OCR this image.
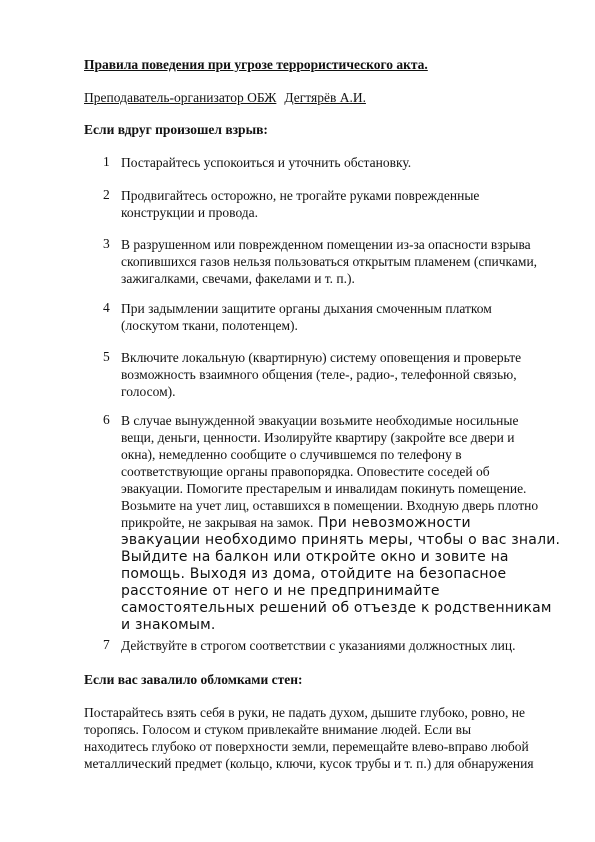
Правила поведения при угрозе террористического акта.
Преподаватель-организатор ОБЖ Дегтярёв А.И.
Если вдруг произошел взрыв:
1 Постарайтесь успокоиться и уточнить обстановку.
2 Продвигайтесь осторожно, не трогайте руками поврежденные
конструкции и провода.
3 В разрушенном или поврежденном помещении из-за опасности взрыва
скопившихся газов нельзя пользоваться открытым пламенем (спичками,
зажигалками, свечами, факелами и т. п.).
4 При задымлении защитите органы дыхания смоченным платком
(лоскутом ткани, полотенцем).
5 Включите локальную (квартирную) систему оповещения и проверьте
возможность взаимного общения (теле-, радио-, телефонной связью,
голосом).
6 В случае вынужденной эвакуации возьмите необходимые носильные
вещи, деньги, ценности. Изолируйте квартиру (закройте все двери и
окна), немедленно сообщите о случившемся по телефону в
соответствующие органы правопорядка. Оповестите соседей об
эвакуации. Помогите престарелым и инвалидам покинуть помещение.
Возьмите на учет лиц, оставшихся в помещении. Входную дверь плотно
прикройте, не закрывая на замок. При невозможности
эвакуации необходимо принять меры, чтобы о вас знали.
Выйдите на балкон или откройте окно и зовите на
помощь. Выходя из дома, отойдите на безопасное
расстояние от него и не предпринимайте
самостоятельных решений об отъезде к родственникам
и знакомым.
7 Действуйте в строгом соответствии с указаниями должностных лиц.
Если вас завалило обломками стен:
Постарайтесь взять себя в руки, не падать духом, дышите глубоко, ровно, не
торопясь. Голосом и стуком привлекайте внимание людей. Если вы
находитесь глубоко от поверхности земли, перемещайте влево-вправо любой
металлический предмет (кольцо, ключи, кусок трубы и т. п.) для обнаружения
